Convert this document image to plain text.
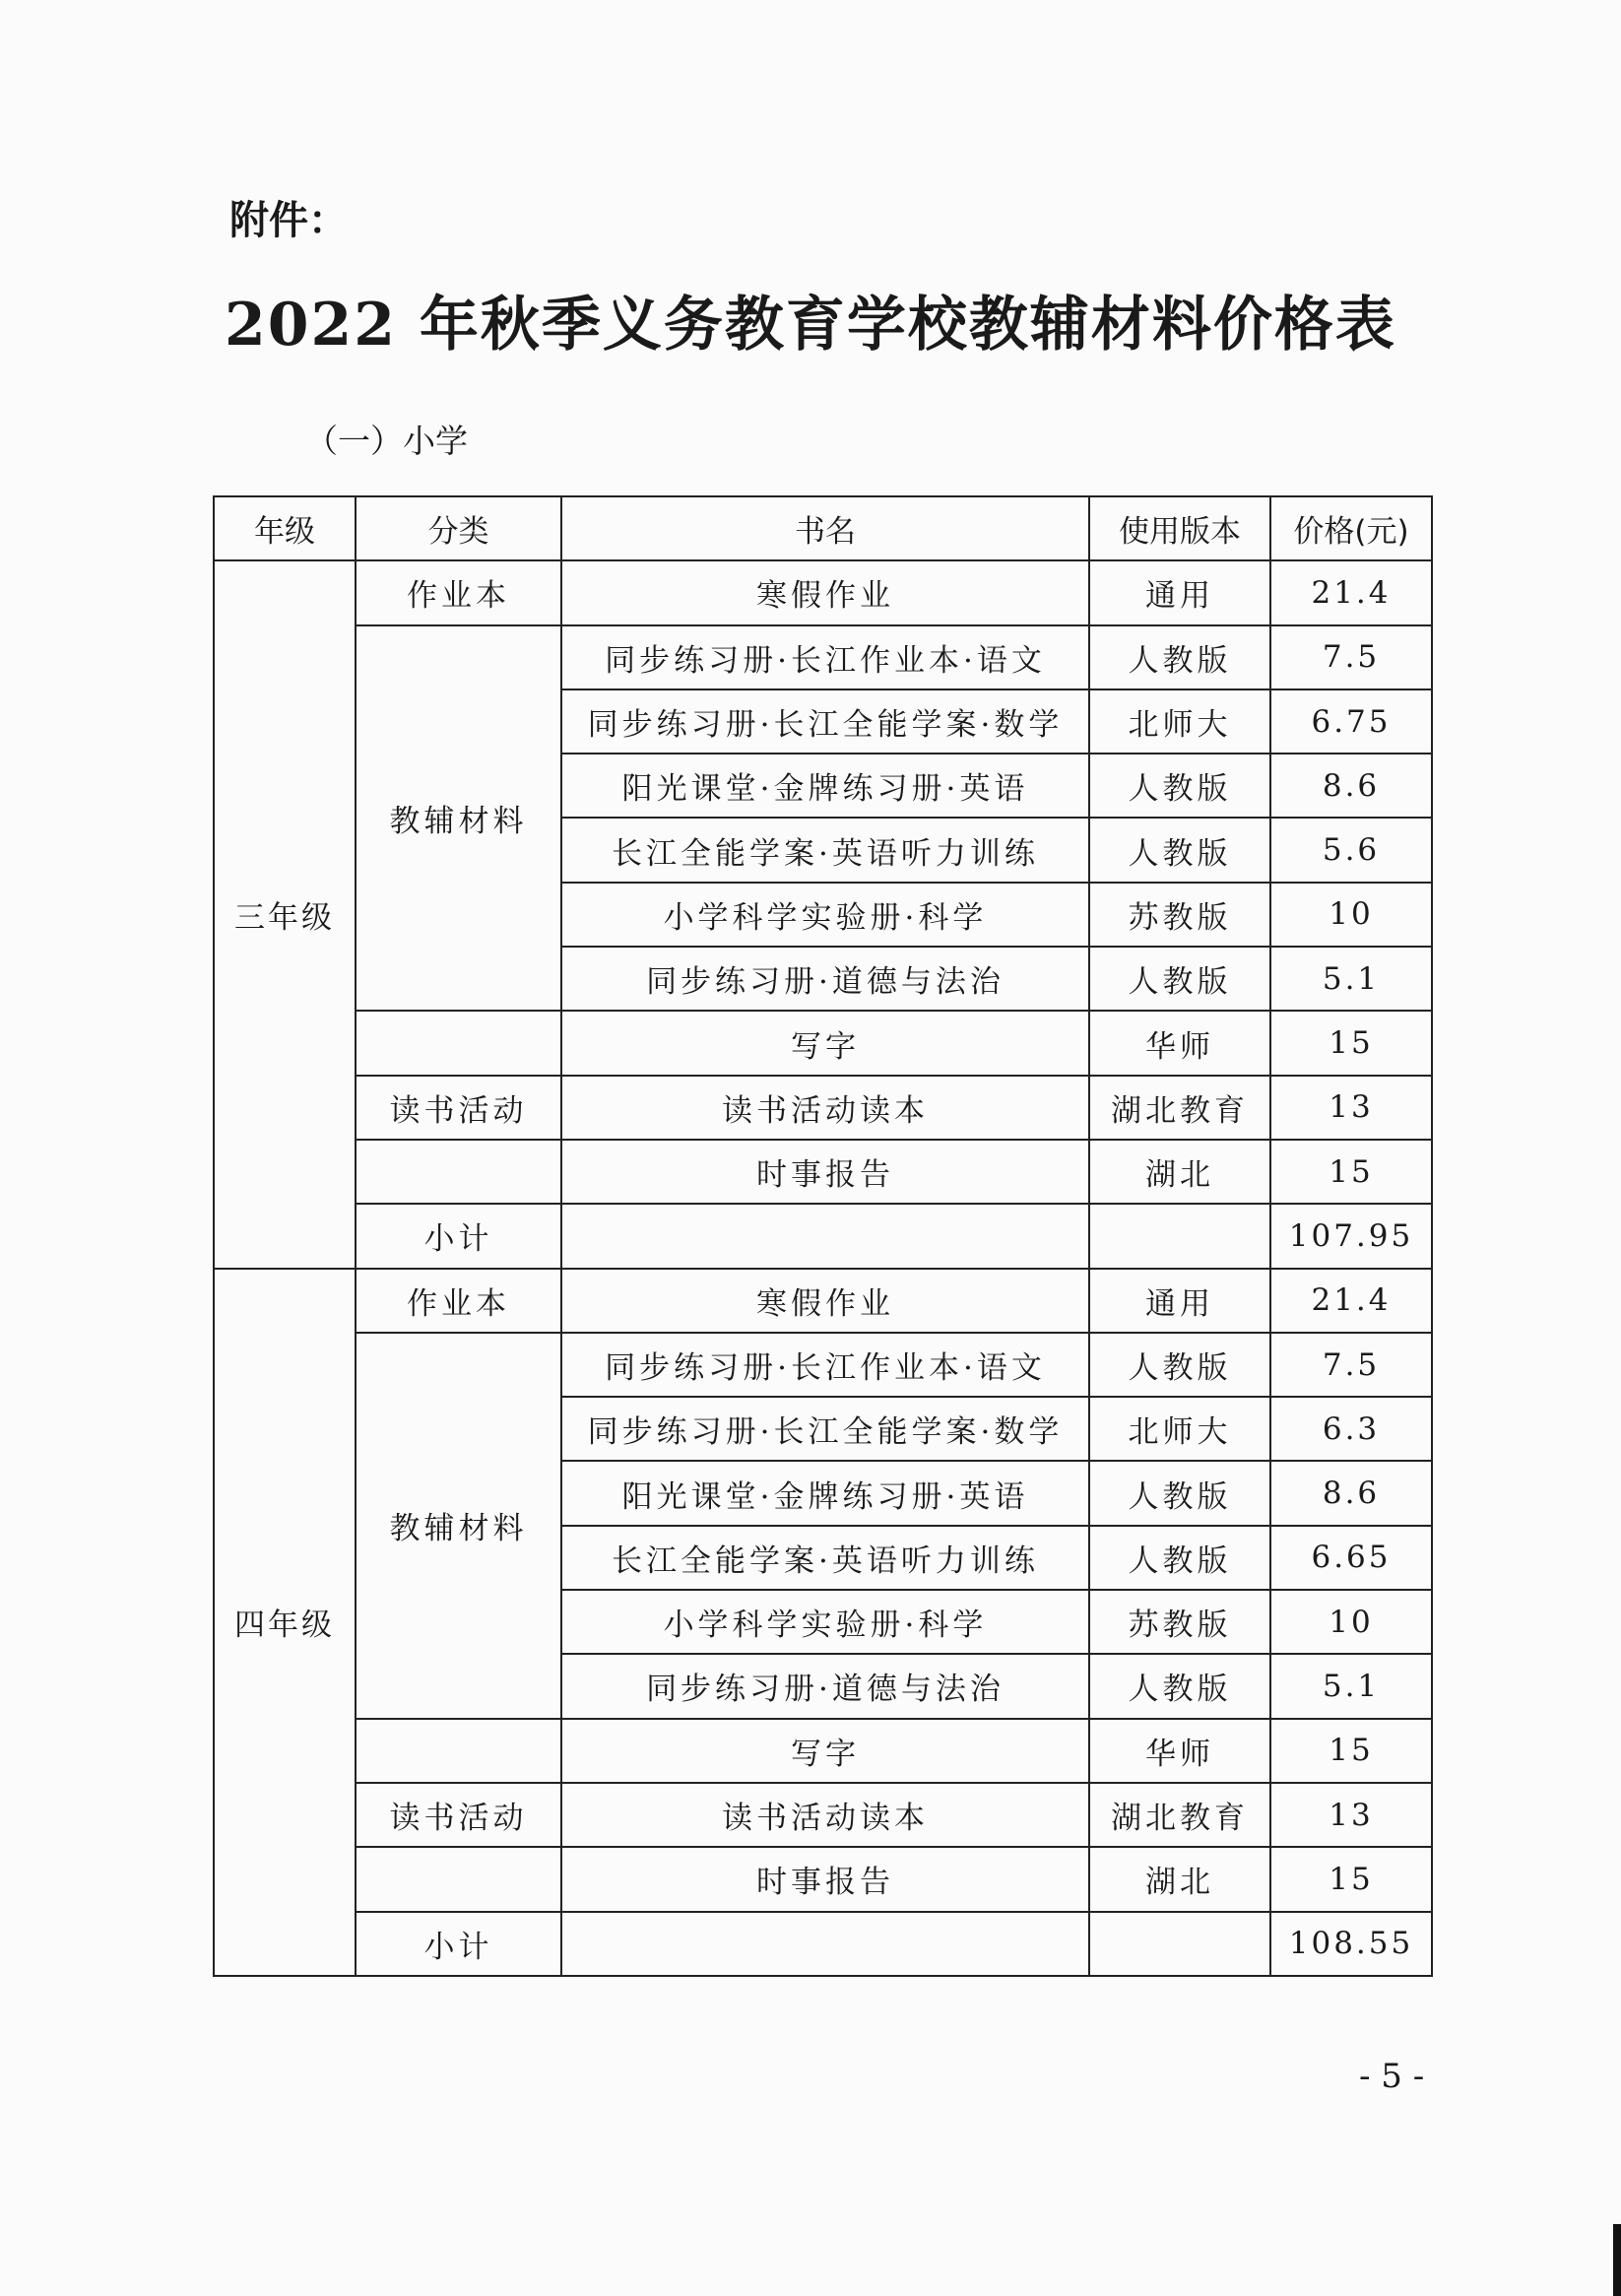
附件：
2022 年秋季义务教育学校教辅材料价格表
（一）小学
年级	分类	书名	使用版本	价格(元)
三年级	作业本	寒假作业	通用	21.4
	教辅材料	同步练习册·长江作业本·语文	人教版	7.5
		同步练习册·长江全能学案·数学	北师大	6.75
		阳光课堂·金牌练习册·英语	人教版	8.6
		长江全能学案·英语听力训练	人教版	5.6
		小学科学实验册·科学	苏教版	10
		同步练习册·道德与法治	人教版	5.1
		写字	华师	15
	读书活动	读书活动读本	湖北教育	13
		时事报告	湖北	15
	小计			107.95
四年级	作业本	寒假作业	通用	21.4
	教辅材料	同步练习册·长江作业本·语文	人教版	7.5
		同步练习册·长江全能学案·数学	北师大	6.3
		阳光课堂·金牌练习册·英语	人教版	8.6
		长江全能学案·英语听力训练	人教版	6.65
		小学科学实验册·科学	苏教版	10
		同步练习册·道德与法治	人教版	5.1
		写字	华师	15
	读书活动	读书活动读本	湖北教育	13
		时事报告	湖北	15
	小计			108.55
- 5 -
